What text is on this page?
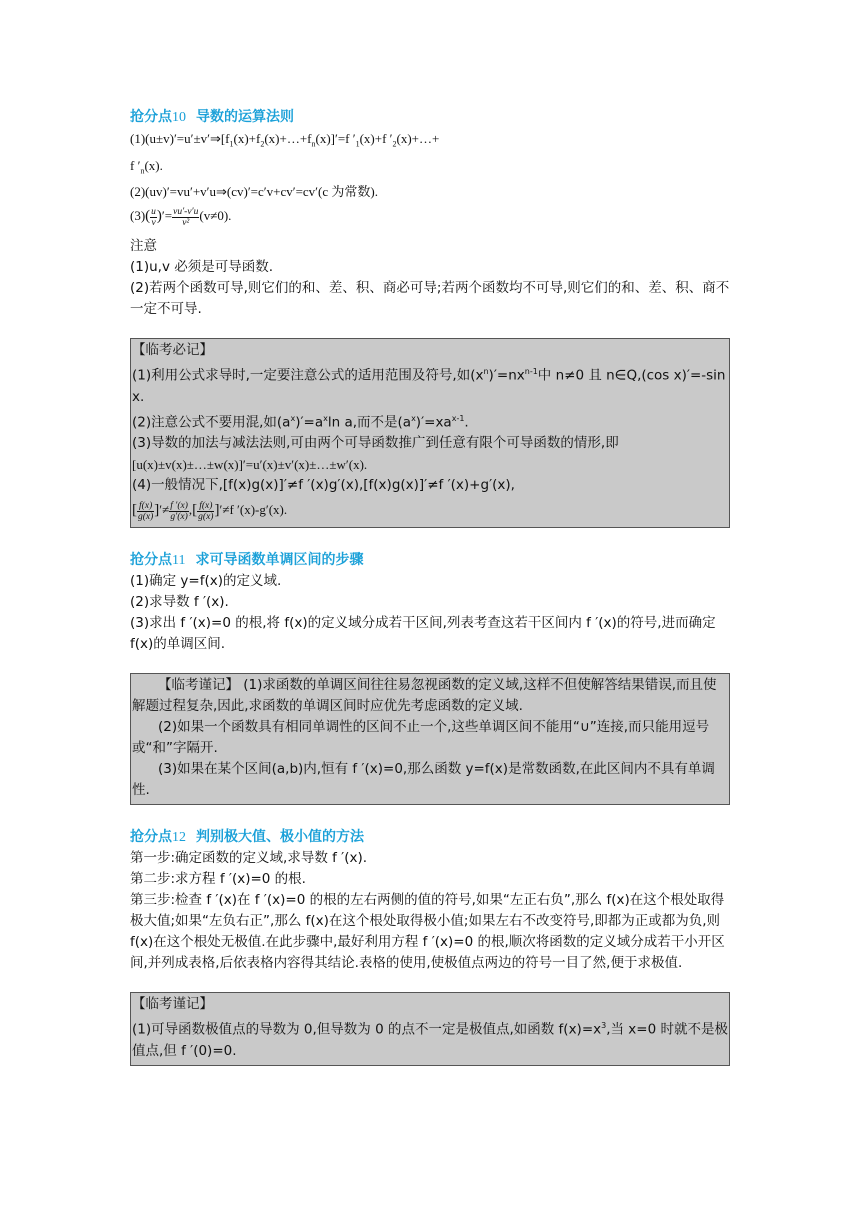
抢分点10 导数的运算法则

$(1)(u\pm v)'=u'\pm v'\Rightarrow[f_1(x)+f_2(x)+\dots+f_n(x)]'=f$ $'_1(x)+f$ $'_2(x)+\dots+$

f $'_n(x)$.

(2)(uv)′=vu′+v′u⇒(cv)′=c′v+cv′=cv′(c 为常数).

$(3)( \frac{u}{v}$ )′= $\frac{vu'-v'u}{\text{v²}} (v\ne 0)$.

注意

(1)u,v 必须是可导函数.

(2)若两个函数可导,则它们的和、差、积、商必可导;若两个函数均不可导,则它们的和、差、积、商不一定不可导.

【临考必记】

(1)利用公式求导时,一定要注意公式的适用范围及符号,如$(x^n)'=nx^{n-1}$中 n≠0 且 n∈Q,(cos x)′=-sin x.

(2)注意公式不要用混,如$(a^x)'=a^x\ln$ a,而不是$(a^x)'=xa^{x-1}$.

(3)导数的加法与减法法则,可由两个可导函数推广到任意有限个可导函数的情形,即

[u(x)±v(x)±…±w(x)]′=u′(x)±v′(x)±…±w′(x).

(4)一般情况下,[f(x)g(x)]′≠f ′(x)g′(x),[f(x)g(x)]′≠f ′(x)+g′(x),

[ $\frac{f(x)}{g(x)}$ ]′≠ $\frac{f '(x)}{g'(x)}$ ,[ $\frac{f(x)}{g(x)} ]'\ne f$ ′(x)-g′(x).

抢分点11 求可导函数单调区间的步骤

(1)确定 y=f(x)的定义域.

(2)求导数 f ′(x).

(3)求出 f ′(x)=0 的根,将 f(x)的定义域分成若干区间,列表考查这若干区间内 f ′(x)的符号,进而确定 f(x)的单调区间.

【临考谨记】 (1)求函数的单调区间往往易忽视函数的定义域,这样不但使解答结果错误,而且使解题过程复杂,因此,求函数的单调区间时应优先考虑函数的定义域.

(2)如果一个函数具有相同单调性的区间不止一个,这些单调区间不能用“∪”连接,而只能用逗号或“和”字隔开.

(3)如果在某个区间(a,b)内,恒有 f ′(x)=0,那么函数 y=f(x)是常数函数,在此区间内不具有单调性.

抢分点12 判别极大值、极小值的方法

第一步:确定函数的定义域,求导数 f ′(x).

第二步:求方程 f ′(x)=0 的根.

第三步:检查 f ′(x)在 f ′(x)=0 的根的左右两侧的值的符号,如果“左正右负”,那么 f(x)在这个根处取得极大值;如果“左负右正”,那么 f(x)在这个根处取得极小值;如果左右不改变符号,即都为正或都为负,则 f(x)在这个根处无极值.在此步骤中,最好利用方程 f ′(x)=0 的根,顺次将函数的定义域分成若干小开区间,并列成表格,后依表格内容得其结论.表格的使用,使极值点两边的符号一目了然,便于求极值.

【临考谨记】

(1)可导函数极值点的导数为 0,但导数为 0 的点不一定是极值点,如函数 $f(x)=x^3$,当 x=0 时就不是极值点,但 f ′(0)=0.
